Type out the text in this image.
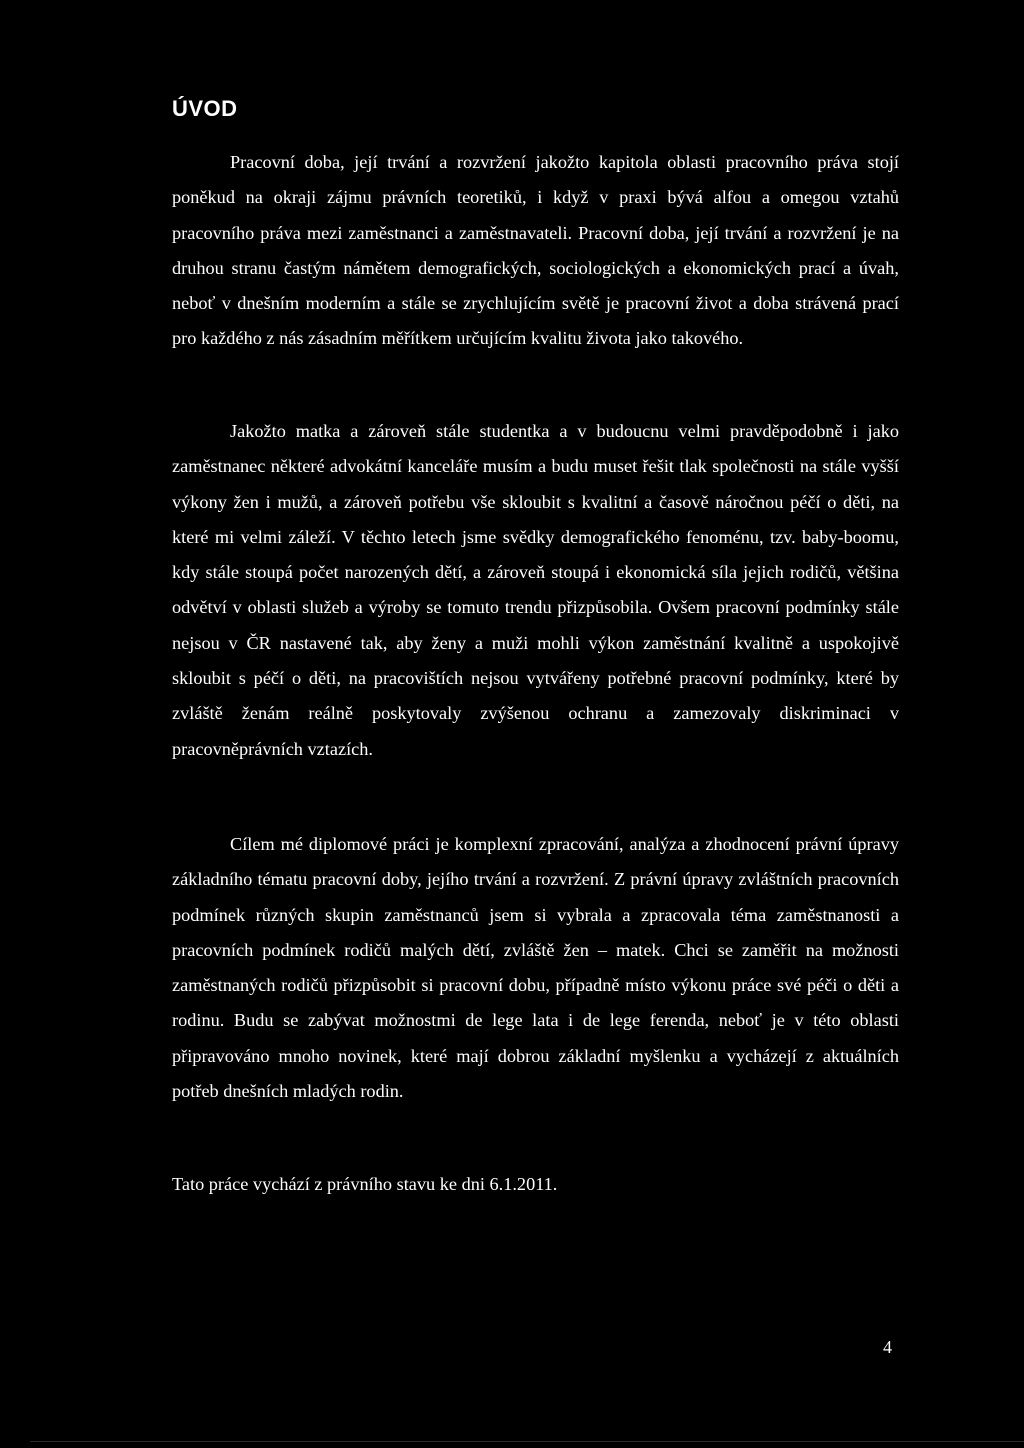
ÚVOD

Pracovní doba, její trvání a rozvržení jakožto kapitola oblasti pracovního práva stojí poněkud na okraji zájmu právních teoretiků, i když v praxi bývá alfou a omegou vztahů pracovního práva mezi zaměstnanci a zaměstnavateli. Pracovní doba, její trvání a rozvržení je na druhou stranu častým námětem demografických, sociologických a ekonomických prací a úvah, neboť v dnešním moderním a stále se zrychlujícím světě je pracovní život a doba strávená prací pro každého z nás zásadním měřítkem určujícím kvalitu života jako takového.

Jakožto matka a zároveň stále studentka a v budoucnu velmi pravděpodobně i jako zaměstnanec některé advokátní kanceláře musím a budu muset řešit tlak společnosti na stále vyšší výkony žen i mužů, a zároveň potřebu vše skloubit s kvalitní a časově náročnou péčí o děti, na které mi velmi záleží. V těchto letech jsme svědky demografického fenoménu, tzv. baby-boomu, kdy stále stoupá počet narozených dětí, a zároveň stoupá i ekonomická síla jejich rodičů, většina odvětví v oblasti služeb a výroby se tomuto trendu přizpůsobila. Ovšem pracovní podmínky stále nejsou v ČR nastavené tak, aby ženy a muži mohli výkon zaměstnání kvalitně a uspokojivě skloubit s péčí o děti, na pracovištích nejsou vytvářeny potřebné pracovní podmínky, které by zvláště ženám reálně poskytovaly zvýšenou ochranu a zamezovaly diskriminaci v pracovněprávních vztazích.

Cílem mé diplomové práci je komplexní zpracování, analýza a zhodnocení právní úpravy základního tématu pracovní doby, jejího trvání a rozvržení. Z právní úpravy zvláštních pracovních podmínek různých skupin zaměstnanců jsem si vybrala a zpracovala téma zaměstnanosti a pracovních podmínek rodičů malých dětí, zvláště žen – matek. Chci se zaměřit na možnosti zaměstnaných rodičů přizpůsobit si pracovní dobu, případně místo výkonu práce své péči o děti a rodinu. Budu se zabývat možnostmi de lege lata i de lege ferenda, neboť je v této oblasti připravováno mnoho novinek, které mají dobrou základní myšlenku a vycházejí z aktuálních potřeb dnešních mladých rodin.

Tato práce vychází z právního stavu ke dni 6.1.2011.

4
